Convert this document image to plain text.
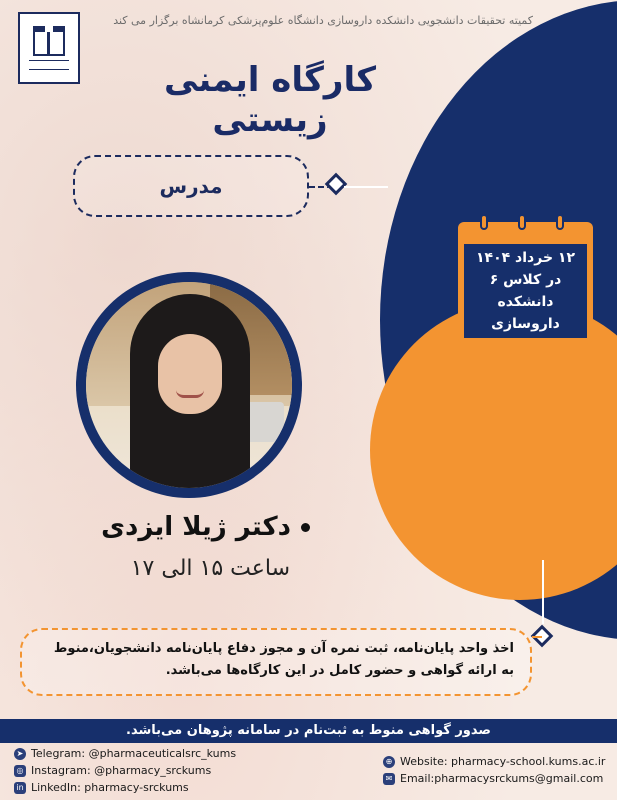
کمیته تحقیقات دانشجویی دانشکده داروسازی دانشگاه علوم‌پزشکی کرمانشاه برگزار می کند
کارگاه ایمنی زیستی
مدرس
۱۲ خرداد ۱۴۰۴
در کلاس ۶
دانشکده داروسازی
دکتر ژیلا ایزدی
ساعت ۱۵ الی ۱۷
اخذ واحد پایان‌نامه، ثبت نمره آن و مجوز دفاع پایان‌نامه دانشجویان،منوط به ارائه گواهی و حضور کامل در این کارگاه‌ها می‌باشد.
صدور گواهی منوط به ثبت‌نام در سامانه پژوهان می‌باشد.
➤ Telegram: @pharmaceuticalsrc_kums
◎ Instagram: @pharmacy_srckums
in LinkedIn: pharmacy-srckums
⊕ Website: pharmacy-school.kums.ac.ir
✉ Email:pharmacysrckums@gmail.com
